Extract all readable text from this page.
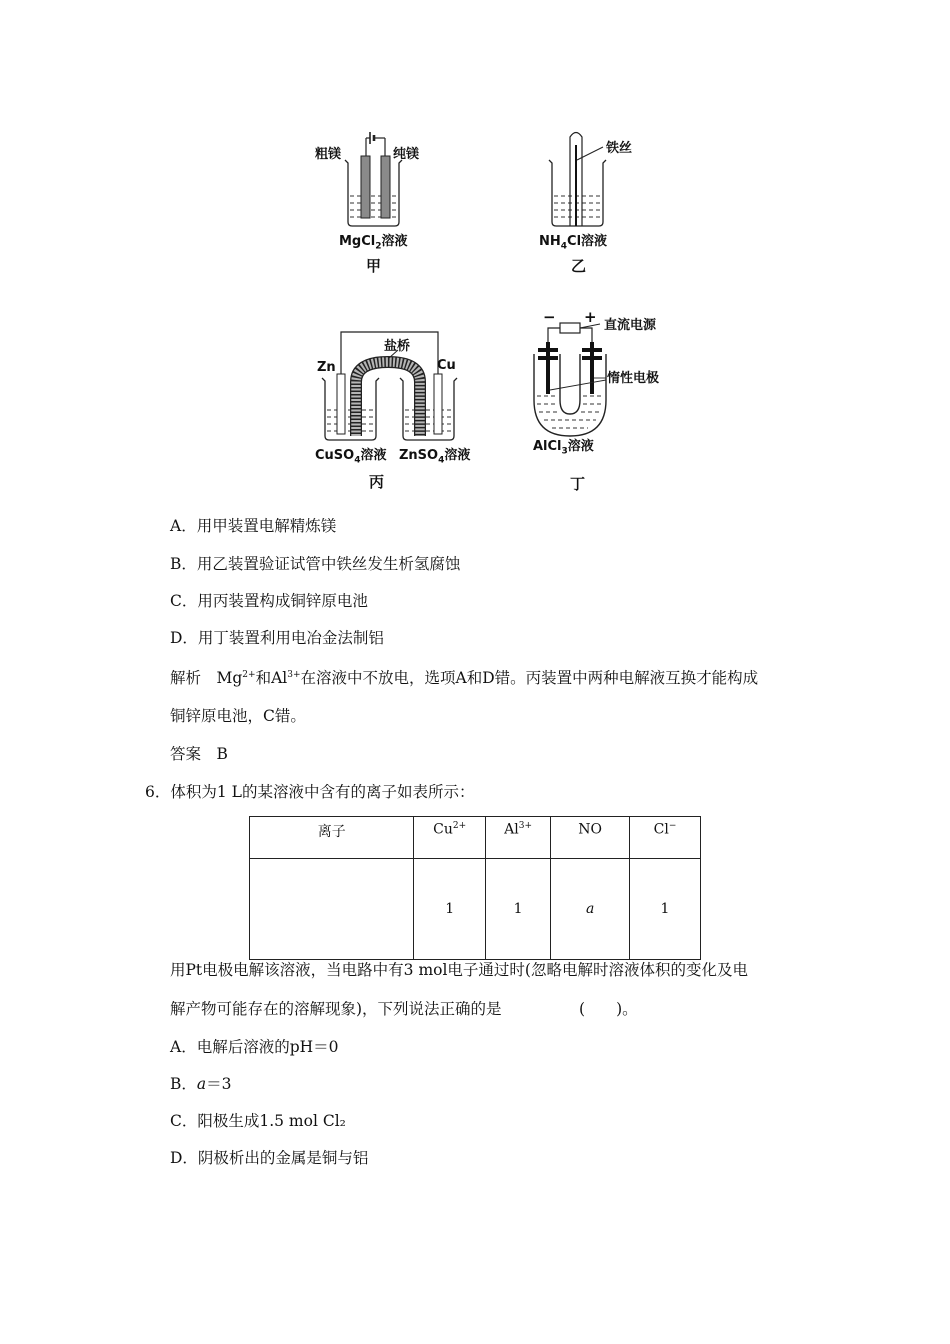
粗镁	纯镁
MgCl$_2$溶液
甲
铁丝
$NH_4Cl$溶液
乙
Zn	Cu
盐桥
CuSO$_4$溶液 ZnSO$_4$溶液
丙
− + 直流电源
惰性电极
AlCl$_3$溶液
丁
A．用甲装置电解精炼镁
B．用乙装置验证试管中铁丝发生析氢腐蚀
C．用丙装置构成铜锌原电池
D．用丁装置利用电冶金法制铝
解析　$Mg^{2+}$和$Al^{3+}$在溶液中不放电，选项A和D错。丙装置中两种电解液互换才能构成
铜锌原电池，C错。
答案　B
6．体积为1 L的某溶液中含有的离子如表所示：
离子	$Cu^{2+}$	$Al^{3+}$	NO	Cl−
	1	1	a	1
用Pt电极电解该溶液，当电路中有3 mol电子通过时(忽略电解时溶液体积的变化及电
解产物可能存在的溶解现象)，下列说法正确的是　　　　　(　　)。
A．电解后溶液的pH＝0
B．a＝3
C．阳极生成1.5 mol Cl₂
D．阴极析出的金属是铜与铝
